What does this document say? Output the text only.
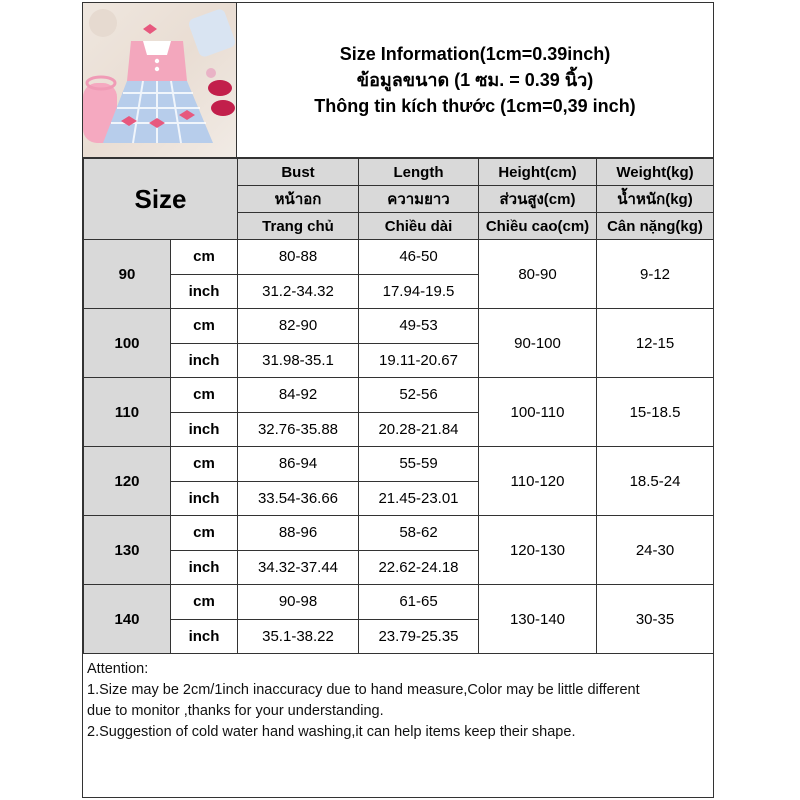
Size Information(1cm=0.39inch)
ข้อมูลขนาด (1 ซม. = 0.39 นิ้ว)
Thông tin kích thước (1cm=0,39 inch)
Size		Bust	Length	Height(cm)	Weight(kg)
		หน้าอก	ความยาว	ส่วนสูง(cm)	น้ำหนัก(kg)
		Trang chủ	Chiều dài	Chiều cao(cm)	Cân nặng(kg)
90	cm	80-88	46-50	80-90	9-12
	inch	31.2-34.32	17.94-19.5		
100	cm	82-90	49-53	90-100	12-15
	inch	31.98-35.1	19.11-20.67		
110	cm	84-92	52-56	100-110	15-18.5
	inch	32.76-35.88	20.28-21.84		
120	cm	86-94	55-59	110-120	18.5-24
	inch	33.54-36.66	21.45-23.01		
130	cm	88-96	58-62	120-130	24-30
	inch	34.32-37.44	22.62-24.18		
140	cm	90-98	61-65	130-140	30-35
	inch	35.1-38.22	23.79-25.35		
Attention:
1.Size may be 2cm/1inch inaccuracy due to hand measure,Color may be little different
due to monitor ,thanks for your understanding.
2.Suggestion of cold water hand washing,it can help items keep their shape.
